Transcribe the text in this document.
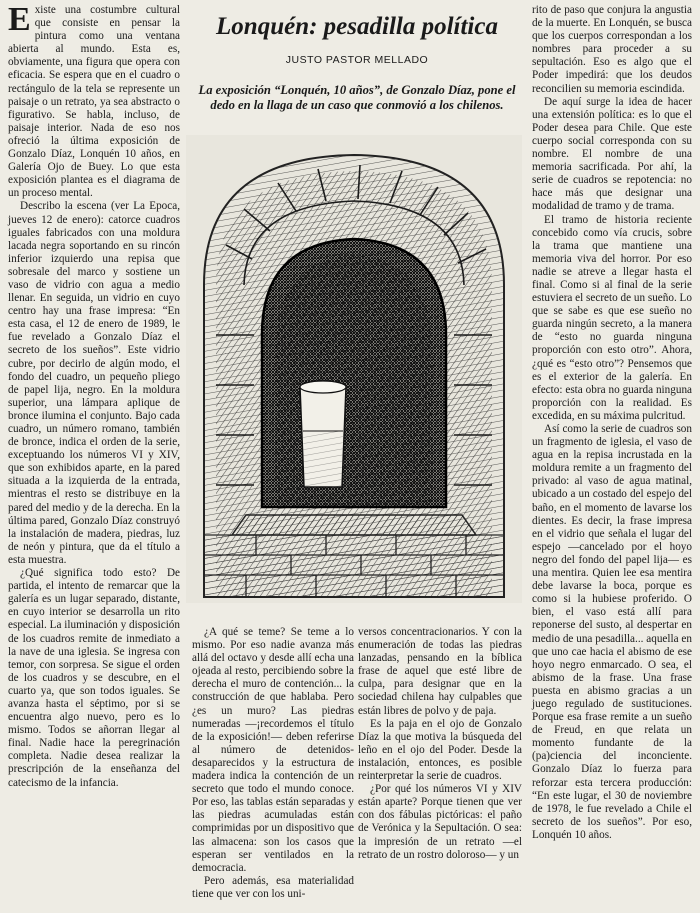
Existe una costumbre cultural que consiste en pensar la pintura como una ventana abierta al mundo. Esta es, obviamente, una figura que opera con eficacia. Se espera que en el cuadro o rectángulo de la tela se represente un paisaje o un retrato, ya sea abstracto o figurativo. Se habla, incluso, de paisaje interior. Nada de eso nos ofreció la última exposición de Gonzalo Díaz, Lonquén 10 años, en Galería Ojo de Buey. Lo que esta exposición plantea es el diagrama de un proceso mental.

Describo la escena (ver La Epoca, jueves 12 de enero): catorce cuadros iguales fabricados con una moldura lacada negra soportando en su rincón inferior izquierdo una repisa que sobresale del marco y sostiene un vaso de vidrio con agua a medio llenar. En seguida, un vidrio en cuyo centro hay una frase impresa: “En esta casa, el 12 de enero de 1989, le fue revelado a Gonzalo Díaz el secreto de los sueños”. Este vidrio cubre, por decirlo de algún modo, el fondo del cuadro, un pequeño pliego de papel lija, negro. En la moldura superior, una lámpara aplique de bronce ilumina el conjunto. Bajo cada cuadro, un número romano, también de bronce, indica el orden de la serie, exceptuando los números VI y XIV, que son exhibidos aparte, en la pared situada a la izquierda de la entrada, mientras el resto se distribuye en la pared del medio y de la derecha. En la última pared, Gonzalo Díaz construyó la instalación de madera, piedras, luz de neón y pintura, que da el título a esta muestra.

¿Qué significa todo esto? De partida, el intento de remarcar que la galería es un lugar separado, distante, en cuyo interior se desarrolla un rito especial. La iluminación y disposición de los cuadros remite de inmediato a la nave de una iglesia. Se ingresa con temor, con sorpresa. Se sigue el orden de los cuadros y se descubre, en el cuarto ya, que son todos iguales. Se avanza hasta el séptimo, por si se encuentra algo nuevo, pero es lo mismo. Todos se añorran llegar al final. Nadie hace la peregrinación completa. Nadie desea realizar la prescripción de la enseñanza del catecismo de la infancia.

Lonquén: pesadilla política
JUSTO PASTOR MELLADO
La exposición “Lonquén, 10 años”, de Gonzalo Díaz, pone el dedo en la llaga de un caso que conmovió a los chilenos.

¿A qué se teme? Se teme a lo mismo. Por eso nadie avanza más allá del octavo y desde allí echa una ojeada al resto, percibiendo sobre la derecha el muro de contención... la construcción de que hablaba. Pero ¿es un muro? Las piedras numeradas —¡recordemos el título de la exposición!— deben referirse al número de detenidos-desaparecidos y la estructura de madera indica la contención de un secreto que todo el mundo conoce. Por eso, las tablas están separadas y las piedras acumuladas están comprimidas por un dispositivo que las almacena: son los casos que esperan ser ventilados en la democracia.

Pero además, esa materialidad tiene que ver con los uni-

versos concentracionarios. Y con la enumeración de todas las piedras lanzadas, pensando en la bíblica frase de aquel que esté libre de culpa, para designar que en la sociedad chilena hay culpables que están libres de polvo y de paja.

Es la paja en el ojo de Gonzalo Díaz la que motiva la búsqueda del leño en el ojo del Poder. Desde la instalación, entonces, es posible reinterpretar la serie de cuadros.

¿Por qué los números VI y XIV están aparte? Porque tienen que ver con dos fábulas pictóricas: el paño de Verónica y la Sepultación. O sea: la impresión de un retrato —el retrato de un rostro doloroso— y un

rito de paso que conjura la angustia de la muerte. En Lonquén, se busca que los cuerpos correspondan a los nombres para proceder a su sepultación. Eso es algo que el Poder impedirá: que los deudos reconcilien su memoria escindida.

De aquí surge la idea de hacer una extensión política: es lo que el Poder desea para Chile. Que este cuerpo social corresponda con su nombre. El nombre de una memoria sacrificada. Por ahí, la serie de cuadros se repotencia: no hace más que designar una modalidad de tramo y de trama.

El tramo de historia reciente concebido como vía crucis, sobre la trama que mantiene una memoria viva del horror. Por eso nadie se atreve a llegar hasta el final. Como si al final de la serie estuviera el secreto de un sueño. Lo que se sabe es que ese sueño no guarda ningún secreto, a la manera de “esto no guarda ninguna proporción con esto otro”. Ahora, ¿qué es “esto otro”? Pensemos que es el exterior de la galería. En efecto: esta obra no guarda ninguna proporción con la realidad. Es excedida, en su máxima pulcritud.

Así como la serie de cuadros son un fragmento de iglesia, el vaso de agua en la repisa incrustada en la moldura remite a un fragmento del privado: al vaso de agua matinal, ubicado a un costado del espejo del baño, en el momento de lavarse los dientes. Es decir, la frase impresa en el vidrio que señala el lugar del espejo —cancelado por el hoyo negro del fondo del papel lija— es una mentira. Quien lee esa mentira debe lavarse la boca, porque es como si la hubiese proferido. O bien, el vaso está allí para reponerse del susto, al despertar en medio de una pesadilla... aquella en que uno cae hacia el abismo de ese hoyo negro enmarcado. O sea, el abismo de la frase. Una frase puesta en abismo gracias a un juego regulado de sustituciones. Porque esa frase remite a un sueño de Freud, en que relata un momento fundante de la (pa)ciencia del inconciente. Gonzalo Díaz lo fuerza para reforzar esta tercera producción: “En este lugar, el 30 de noviembre de 1978, le fue revelado a Chile el secreto de los sueños”. Por eso, Lonquén 10 años.
